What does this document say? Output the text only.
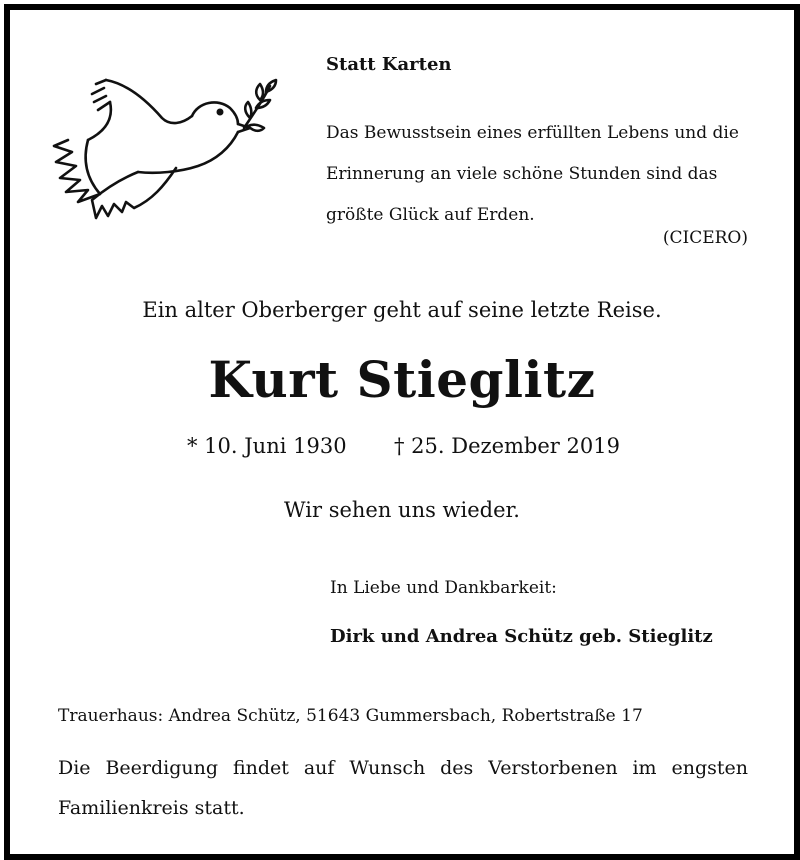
Statt Karten
Das Bewusstsein eines erfüllten Lebens und die
Erinnerung an viele schöne Stunden sind das
größte Glück auf Erden.
(CICERO)
Ein alter Oberberger geht auf seine letzte Reise.
Kurt Stieglitz
* 10. Juni 1930 † 25. Dezember 2019
Wir sehen uns wieder.
In Liebe und Dankbarkeit:
Dirk und Andrea Schütz geb. Stieglitz
Trauerhaus: Andrea Schütz, 51643 Gummersbach, Robertstraße 17
Die Beerdigung findet auf Wunsch des Verstorbenen im engsten Familienkreis statt.
